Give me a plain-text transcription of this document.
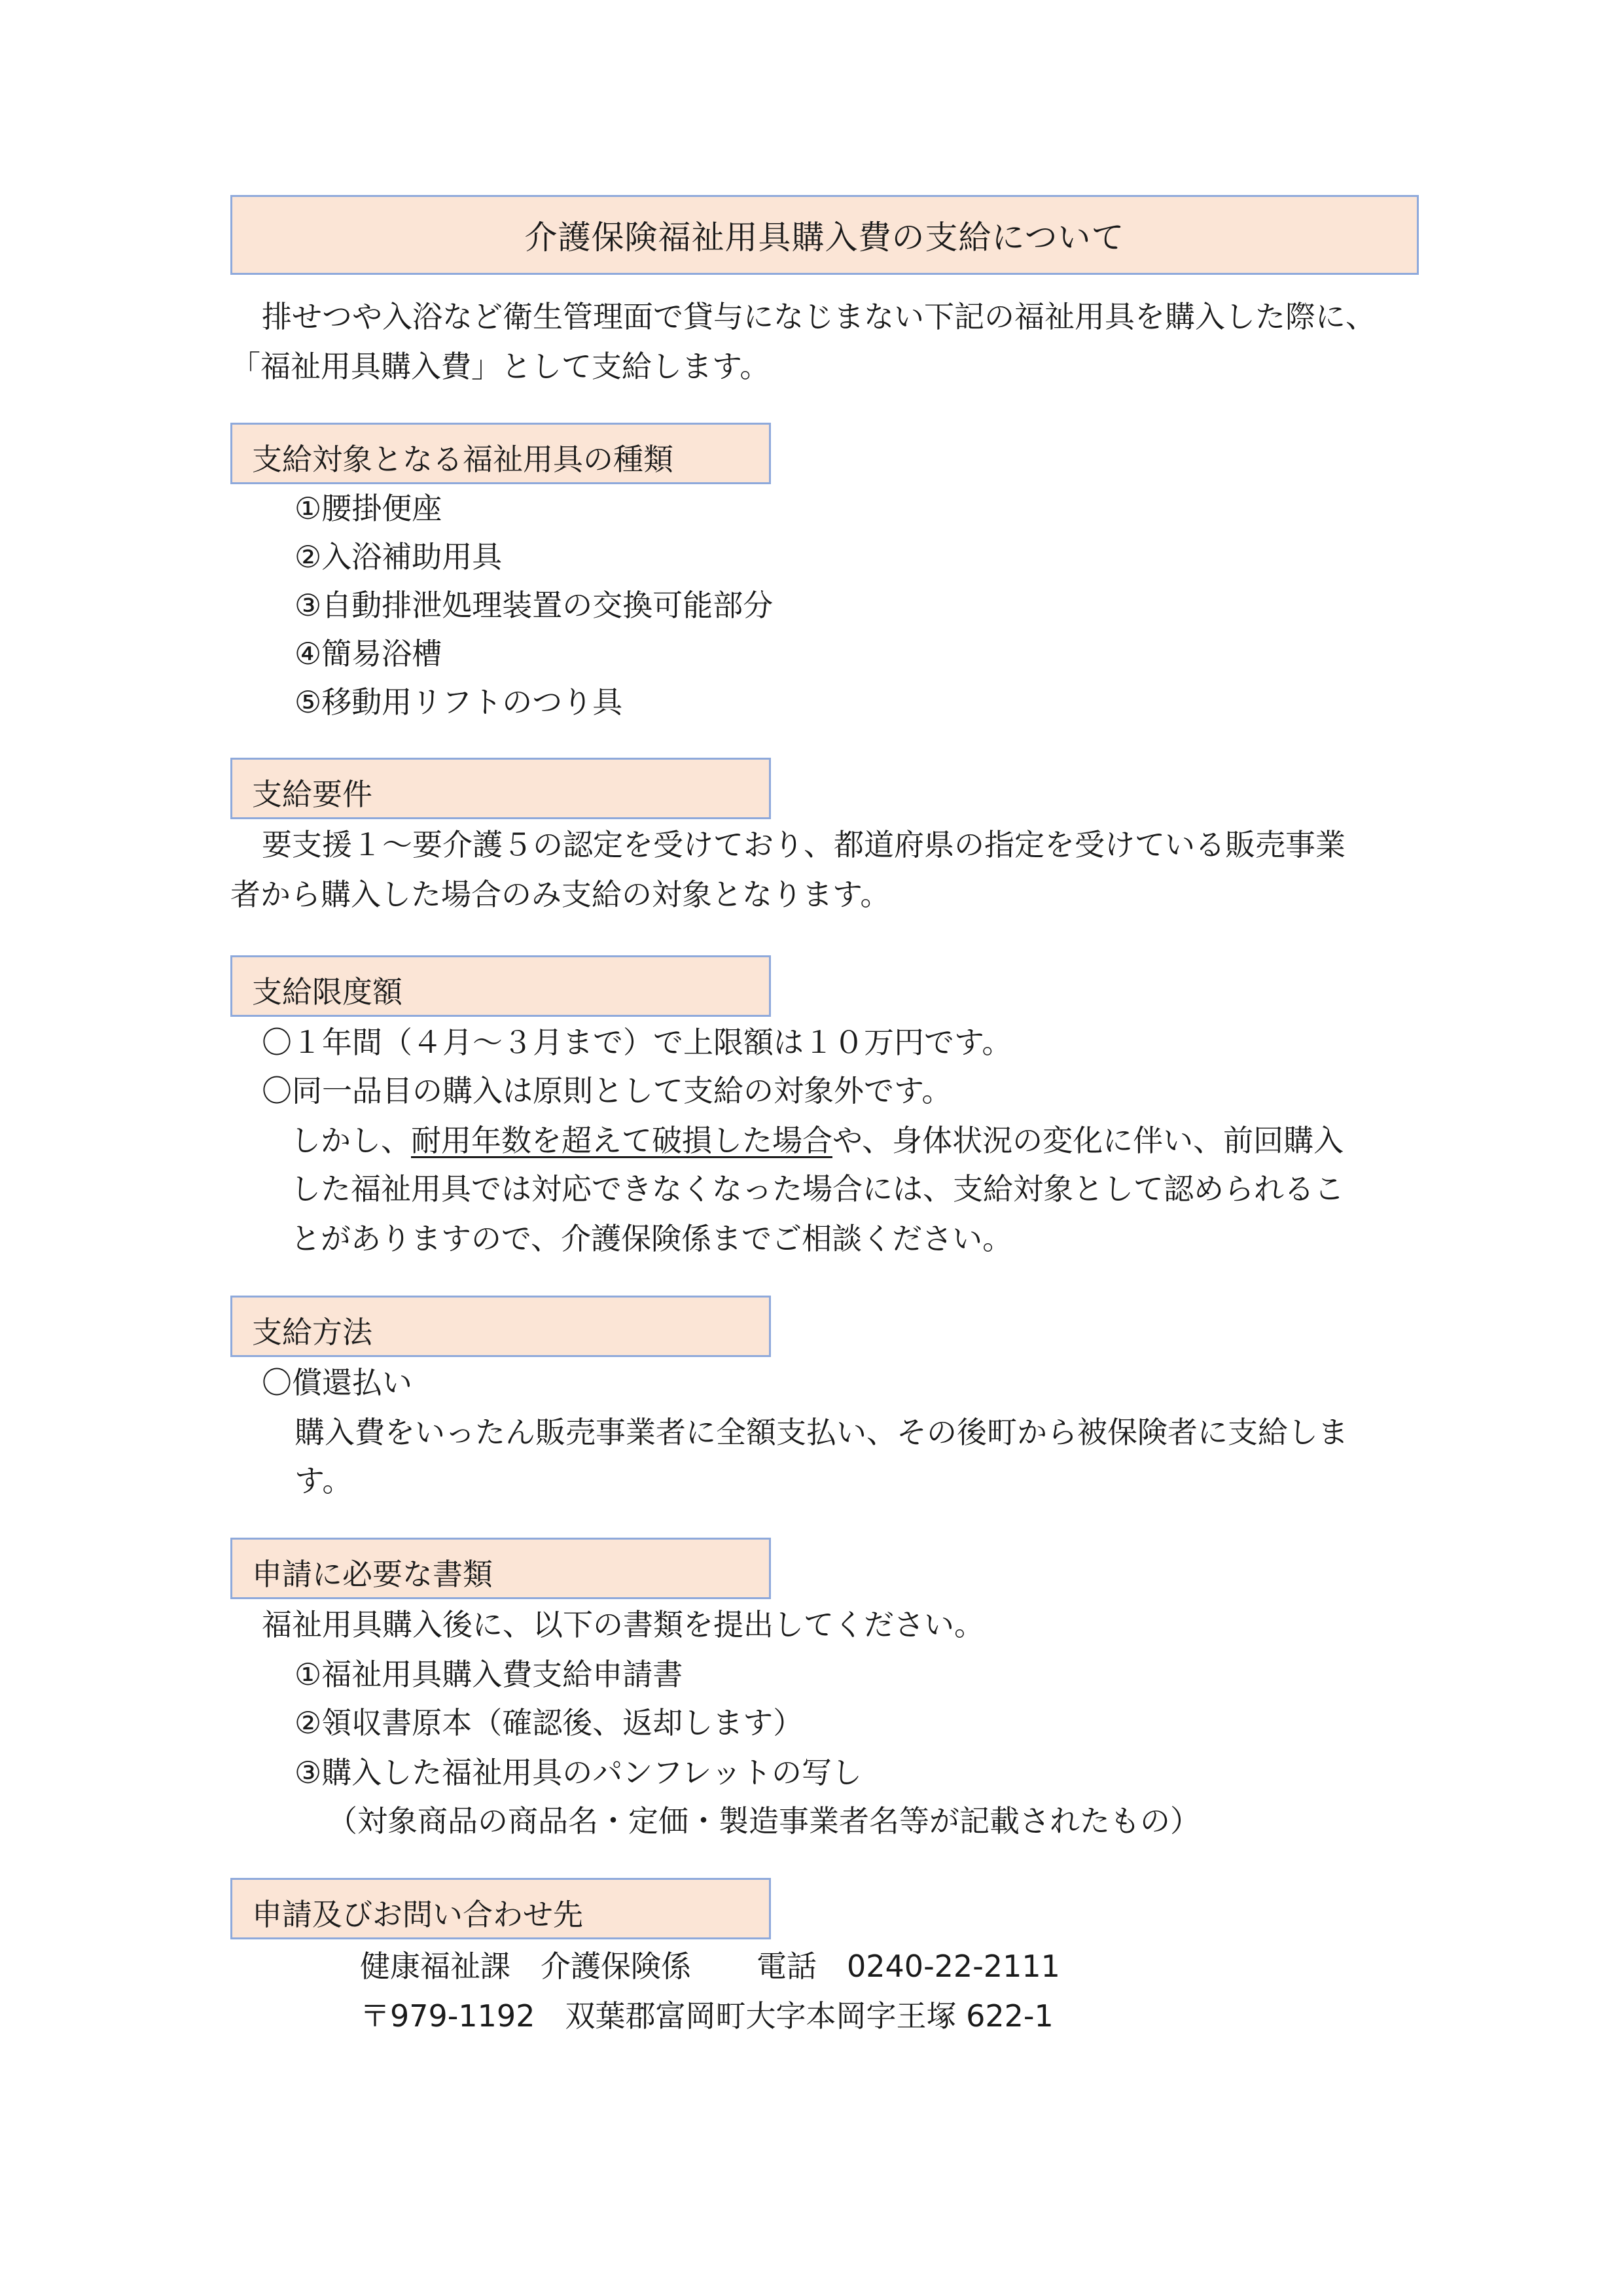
介護保険福祉用具購入費の支給について
排せつや入浴など衛生管理面で貸与になじまない下記の福祉用具を購入した際に、
「福祉用具購入費」として支給します。
支給対象となる福祉用具の種類
①腰掛便座
②入浴補助用具
③自動排泄処理装置の交換可能部分
④簡易浴槽
⑤移動用リフトのつり具
支給要件
要支援１～要介護５の認定を受けており、都道府県の指定を受けている販売事業
者から購入した場合のみ支給の対象となります。
支給限度額
〇１年間（４月～３月まで）で上限額は１０万円です。
〇同一品目の購入は原則として支給の対象外です。
しかし、耐用年数を超えて破損した場合や、身体状況の変化に伴い、前回購入
した福祉用具では対応できなくなった場合には、支給対象として認められるこ
とがありますので、介護保険係までご相談ください。
支給方法
〇償還払い
購入費をいったん販売事業者に全額支払い、その後町から被保険者に支給しま
す。
申請に必要な書類
福祉用具購入後に、以下の書類を提出してください。
①福祉用具購入費支給申請書
②領収書原本（確認後、返却します）
③購入した福祉用具のパンフレットの写し
（対象商品の商品名・定価・製造事業者名等が記載されたもの）
申請及びお問い合わせ先
健康福祉課　介護保険係 電話 0240-22-2111
〒979-1192 双葉郡富岡町大字本岡字王塚 622-1
